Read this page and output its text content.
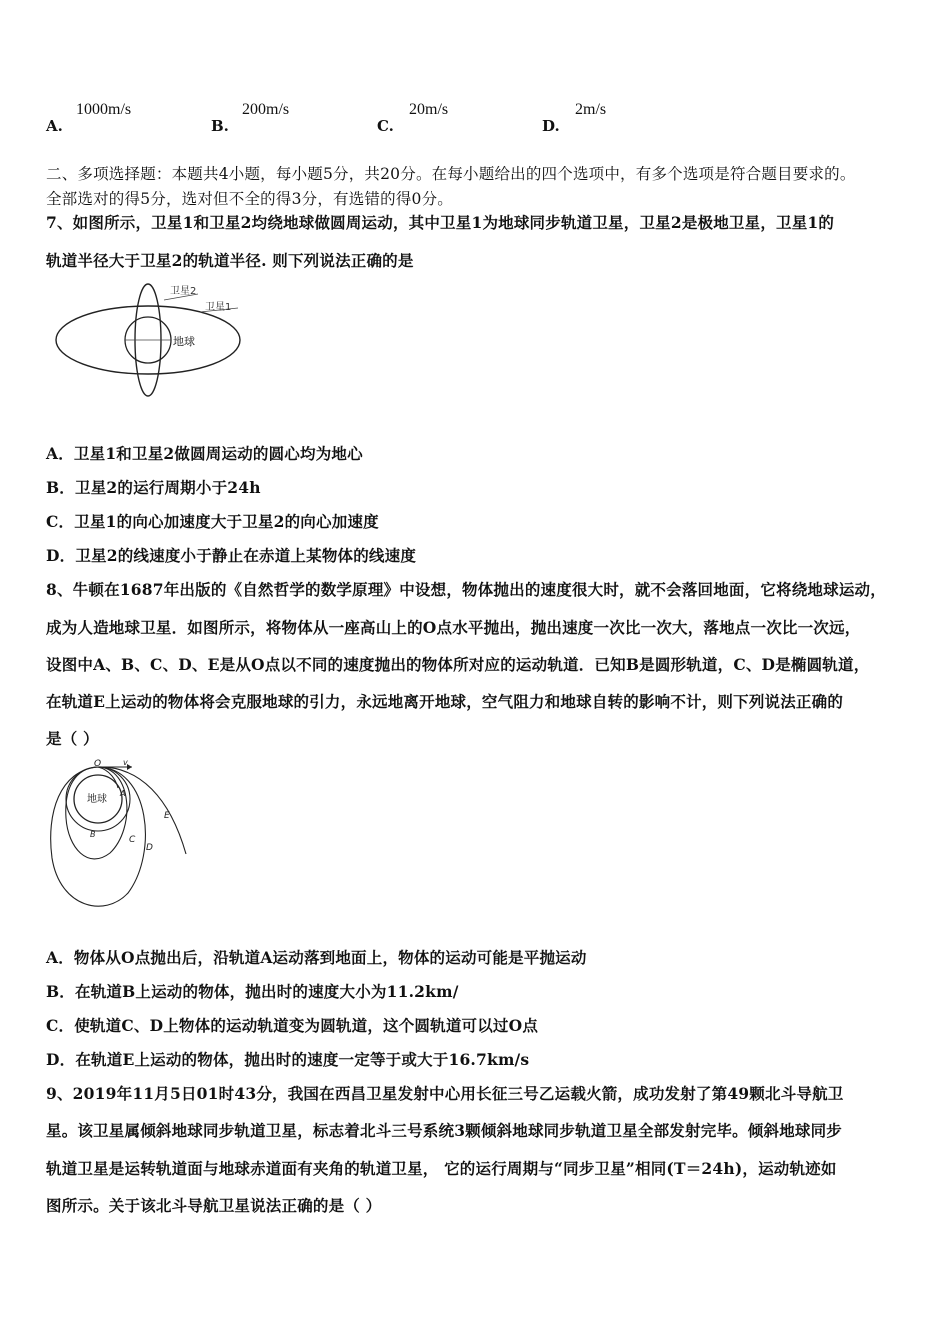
A.
1000m/s
B.
200m/s
C.
20m/s
D.
2m/s
二、多项选择题：本题共4小题，每小题5分，共20分。在每小题给出的四个选项中，有多个选项是符合题目要求的。
全部选对的得5分，选对但不全的得3分，有选错的得0分。
7、如图所示，卫星1和卫星2均绕地球做圆周运动，其中卫星1为地球同步轨道卫星，卫星2是极地卫星，卫星1的
轨道半径大于卫星2的轨道半径. 则下列说法正确的是
卫星2
卫星1
地球
A．卫星1和卫星2做圆周运动的圆心均为地心
B．卫星2的运行周期小于24h
C．卫星1的向心加速度大于卫星2的向心加速度
D．卫星2的线速度小于静止在赤道上某物体的线速度
8、牛顿在1687年出版的《自然哲学的数学原理》中设想，物体抛出的速度很大时，就不会落回地面，它将绕地球运动，
成为人造地球卫星．如图所示，将物体从一座高山上的O点水平抛出，抛出速度一次比一次大，落地点一次比一次远，
设图中A、B、C、D、E是从O点以不同的速度抛出的物体所对应的运动轨道．已知B是圆形轨道，C、D是椭圆轨道，
在轨道E上运动的物体将会克服地球的引力，永远地离开地球，空气阻力和地球自转的影响不计，则下列说法正确的
是（ ）
O	v
地球
A
B
C
D
E
A．物体从O点抛出后，沿轨道A运动落到地面上，物体的运动可能是平抛运动
B．在轨道B上运动的物体，抛出时的速度大小为11.2km/
C．使轨道C、D上物体的运动轨道变为圆轨道，这个圆轨道可以过O点
D．在轨道E上运动的物体，抛出时的速度一定等于或大于16.7km/s
9、2019年11月5日01时43分，我国在西昌卫星发射中心用长征三号乙运载火箭，成功发射了第49颗北斗导航卫
星。该卫星属倾斜地球同步轨道卫星，标志着北斗三号系统3颗倾斜地球同步轨道卫星全部发射完毕。倾斜地球同步
轨道卫星是运转轨道面与地球赤道面有夹角的轨道卫星， 它的运行周期与“同步卫星”相同(T＝24h)，运动轨迹如
图所示。关于该北斗导航卫星说法正确的是（ ）
